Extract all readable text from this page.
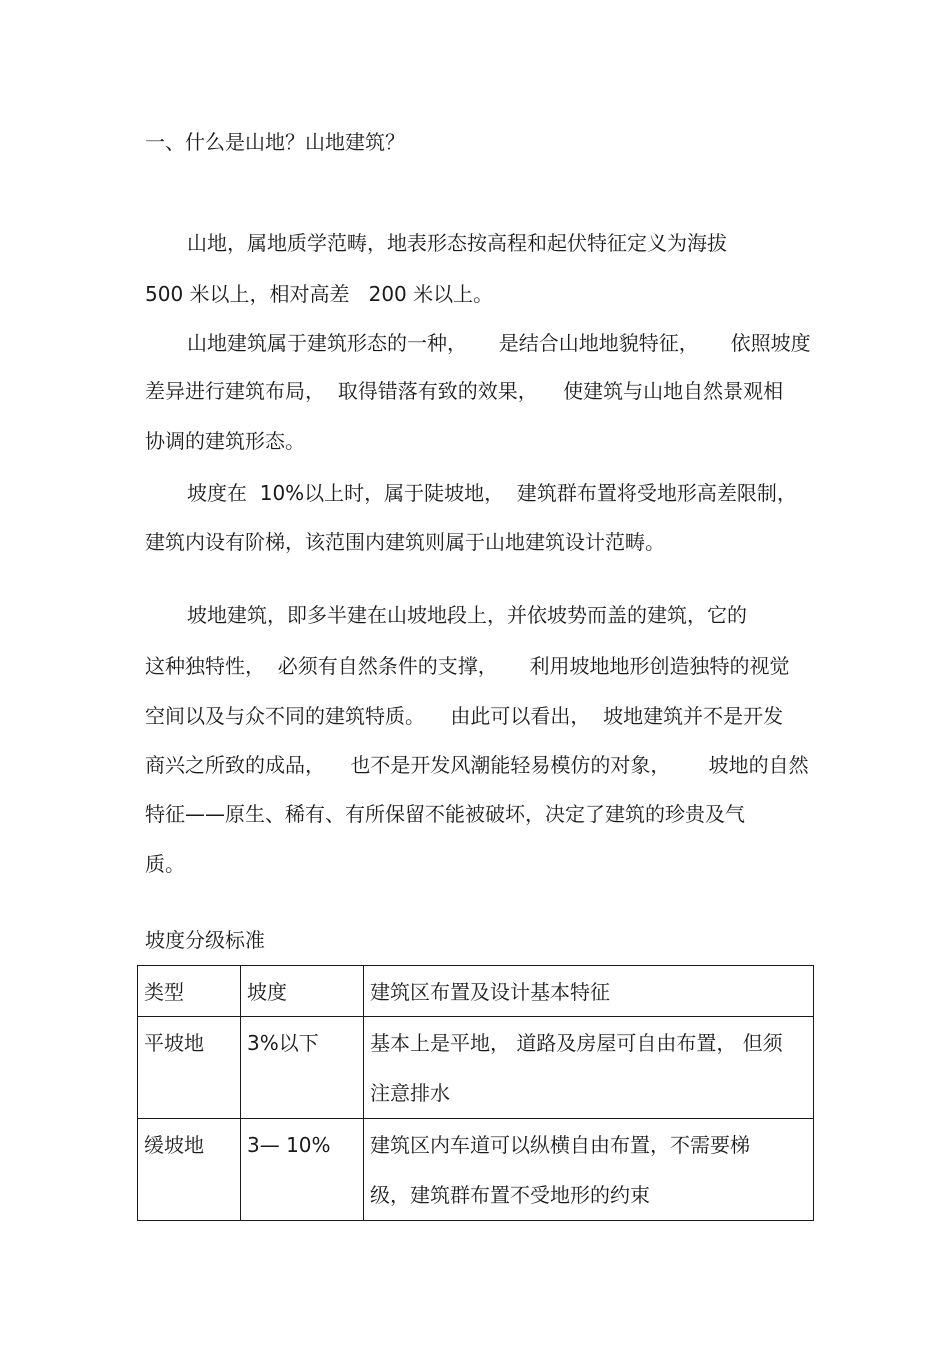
一、什么是山地？山地建筑？
山地，属地质学范畴，地表形态按高程和起伏特征定义为海拔
500 米以上，相对高差   200 米以上。
山地建筑属于建筑形态的一种，     是结合山地地貌特征，     依照坡度
差异进行建筑布局，  取得错落有致的效果，    使建筑与山地自然景观相
协调的建筑形态。
坡度在  10%以上时，属于陡坡地，  建筑群布置将受地形高差限制，
建筑内设有阶梯，该范围内建筑则属于山地建筑设计范畴。
坡地建筑，即多半建在山坡地段上，并依坡势而盖的建筑，它的
这种独特性，  必须有自然条件的支撑，     利用坡地地形创造独特的视觉
空间以及与众不同的建筑特质。    由此可以看出，  坡地建筑并不是开发
商兴之所致的成品，    也不是开发风潮能轻易模仿的对象，      坡地的自然
特征——原生、稀有、有所保留不能被破坏，决定了建筑的珍贵及气
质。
坡度分级标准
类型	坡度	建筑区布置及设计基本特征
平坡地	3%以下	基本上是平地， 道路及房屋可自由布置， 但须
注意排水

缓坡地	3— 10%	建筑区内车道可以纵横自由布置，不需要梯
级，建筑群布置不受地形的约束
